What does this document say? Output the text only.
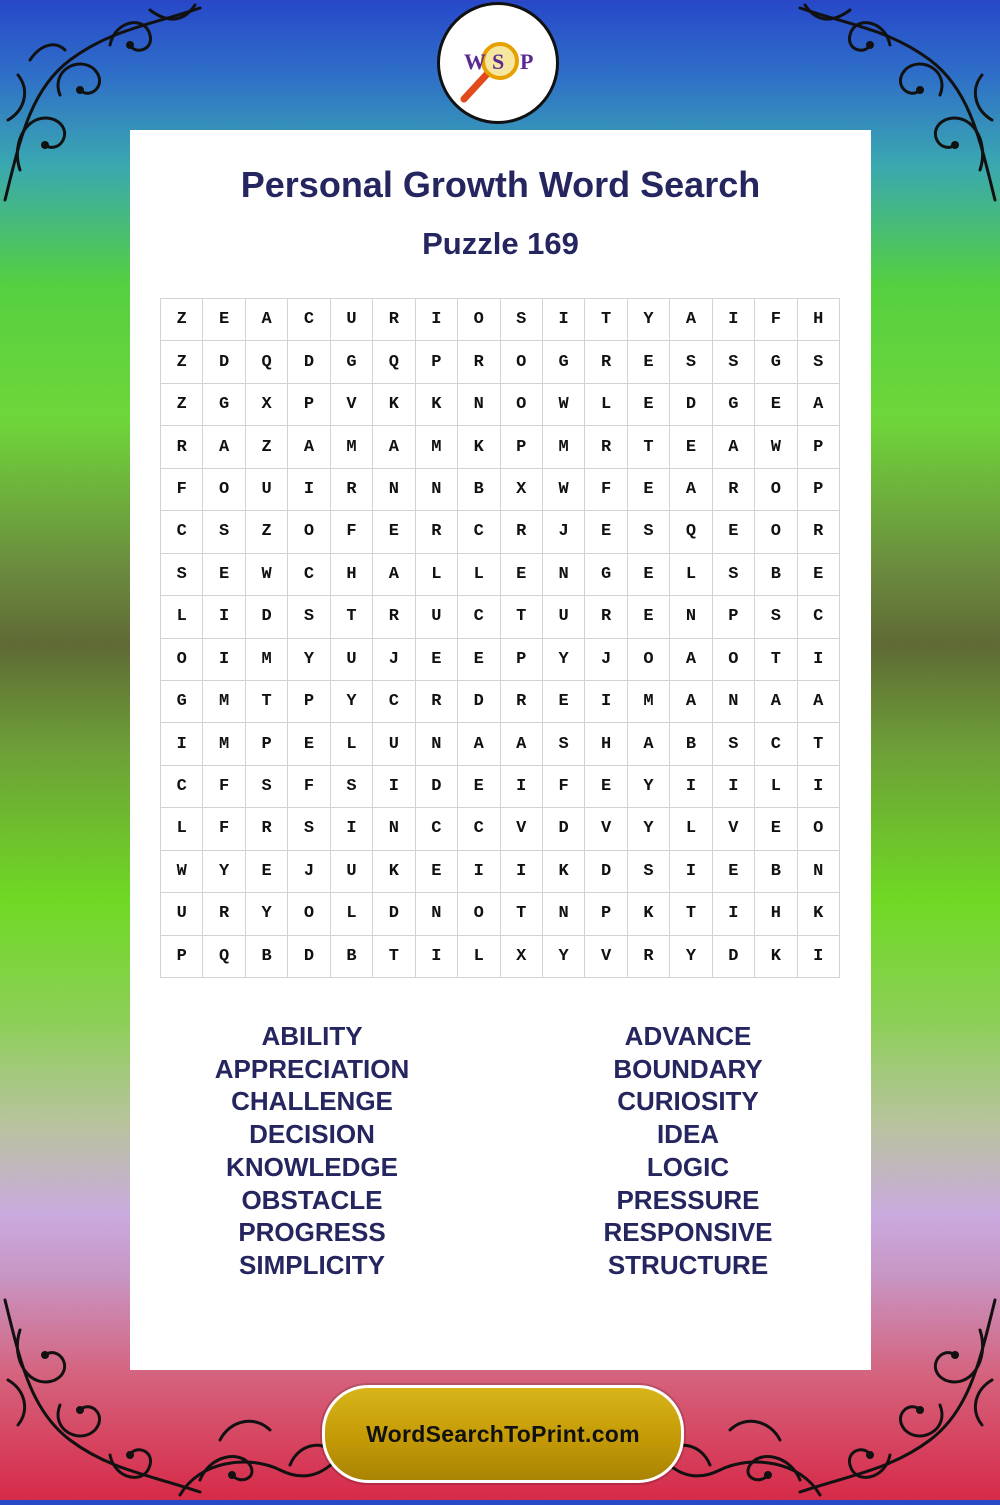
W S P
Personal Growth Word Search
Puzzle 169
Z	E	A	C	U	R	I	O	S	I	T	Y	A	I	F	H
Z	D	Q	D	G	Q	P	R	O	G	R	E	S	S	G	S
Z	G	X	P	V	K	K	N	O	W	L	E	D	G	E	A
R	A	Z	A	M	A	M	K	P	M	R	T	E	A	W	P
F	O	U	I	R	N	N	B	X	W	F	E	A	R	O	P
C	S	Z	O	F	E	R	C	R	J	E	S	Q	E	O	R
S	E	W	C	H	A	L	L	E	N	G	E	L	S	B	E
L	I	D	S	T	R	U	C	T	U	R	E	N	P	S	C
O	I	M	Y	U	J	E	E	P	Y	J	O	A	O	T	I
G	M	T	P	Y	C	R	D	R	E	I	M	A	N	A	A
I	M	P	E	L	U	N	A	A	S	H	A	B	S	C	T
C	F	S	F	S	I	D	E	I	F	E	Y	I	I	L	I
L	F	R	S	I	N	C	C	V	D	V	Y	L	V	E	O
W	Y	E	J	U	K	E	I	I	K	D	S	I	E	B	N
U	R	Y	O	L	D	N	O	T	N	P	K	T	I	H	K
P	Q	B	D	B	T	I	L	X	Y	V	R	Y	D	K	I
ABILITY
APPRECIATION
CHALLENGE
DECISION
KNOWLEDGE
OBSTACLE
PROGRESS
SIMPLICITY
ADVANCE
BOUNDARY
CURIOSITY
IDEA
LOGIC
PRESSURE
RESPONSIVE
STRUCTURE
WordSearchToPrint.com
